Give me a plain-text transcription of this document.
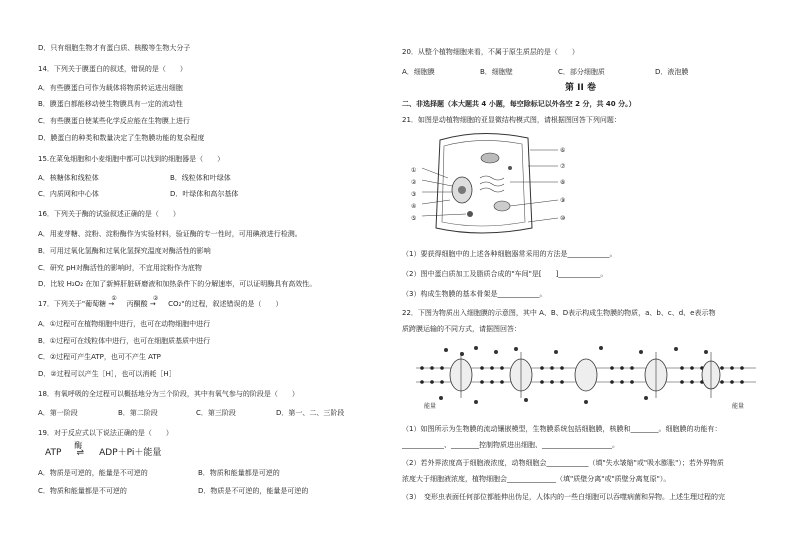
D．只有细胞生物才有蛋白质、核酸等生物大分子
14．下列关于膜蛋白的叙述，错误的是（　　）
A．有些膜蛋白可作为载体将物质转运进出细胞
B．膜蛋白都能移动使生物膜具有一定的流动性
C．有些膜蛋白使某些化学反应能在生物膜上进行
D．膜蛋白的种类和数量决定了生物膜功能的复杂程度
15.在菜兔细胞和小麦细胞中都可以找到的细胞器是（　　）
A．核糖体和线粒体	B．线粒体和叶绿体
C．内质网和中心体	D．叶绿体和高尔基体
16．下列关于酶的试验叙述正确的是（　　）
A．用麦芽糖、淀粉、淀粉酶作为实验材料，验证酶的专一性时，可用碘液进行检测。
B．可用过氧化氢酶和过氧化氢探究温度对酶活性的影响
C．研究 pH对酶活性的影响时，不宜用淀粉作为底物
D．比较 H₂O₂ 在加了新鲜肝脏研磨液和加热条件下的分解速率，可以证明酶具有高效性。
17．下列关于"葡萄糖
①
→ 丙酮酸
②
→ CO₂"的过程，叙述错误的是（　　）
A．①过程可在植物细胞中进行，也可在动物细胞中进行
B．①过程可在线粒体中进行，也可在细胞质基质中进行
C．②过程可产生ATP，也可不产生 ATP
D．②过程可以产生［H］，也可以消耗［H］
18．有氧呼吸的全过程可以概括地分为三个阶段，其中有氧气参与的阶段是（　　）
A．第一阶段	B．第二阶段	C．第三阶段	D．第一、二、三阶段
19．对于反应式以下说法正确的是（　　）
ATP
酶
⇌ ADP＋Pi＋能量
A．物质是可逆的，能量是不可逆的	B．物质和能量都是可逆的
C．物质和能量都是不可逆的	D．物质是不可逆的，能量是可逆的
20．从整个植物细胞来看，不属于原生质层的是（　　）
A．细胞膜	B．细胞壁	C．部分细胞质	D．液泡膜
第 II 卷
二、非选择题（本大题共 4 小题，每空除标记以外各空 2 分，共 40 分。）
21．如图是动植物细胞的亚显微结构模式图，请根据图回答下列问题：
①
②
③
④
⑤
⑥
⑦
⑧
⑨
⑩
（1）要获得细胞中的上述各种细胞器常采用的方法是____________。
（2）图中蛋白质加工及脂质合成的"车间"是[　　]____________。
（3）构成生物膜的基本骨架是____________。
22．下图为物质出入细胞膜的示意图，其中 A、B、D表示构成生物膜的物质，a、b、c、d、e表示物
质跨膜运输的不同方式，请据图回答：
能量	能量
（1）如图所示为生物膜的流动镶嵌模型，生物膜系统包括细胞膜，核膜和________。细胞膜的功能有：
____________、________控制物质进出细胞、____________________。
（2）若外界浓度高于细胞液浓度，动物细胞会____________（填"失水皱缩"或"吸水膨胀"）；若外界物质
浓度大于细胞液浓度，植物细胞会______________（填"质壁分离"或"质壁分离复原"）。
（3）　变形虫表面任何部位都能伸出伪足，人体内的一些白细胞可以吞噬病菌和异物。上述生理过程的完
